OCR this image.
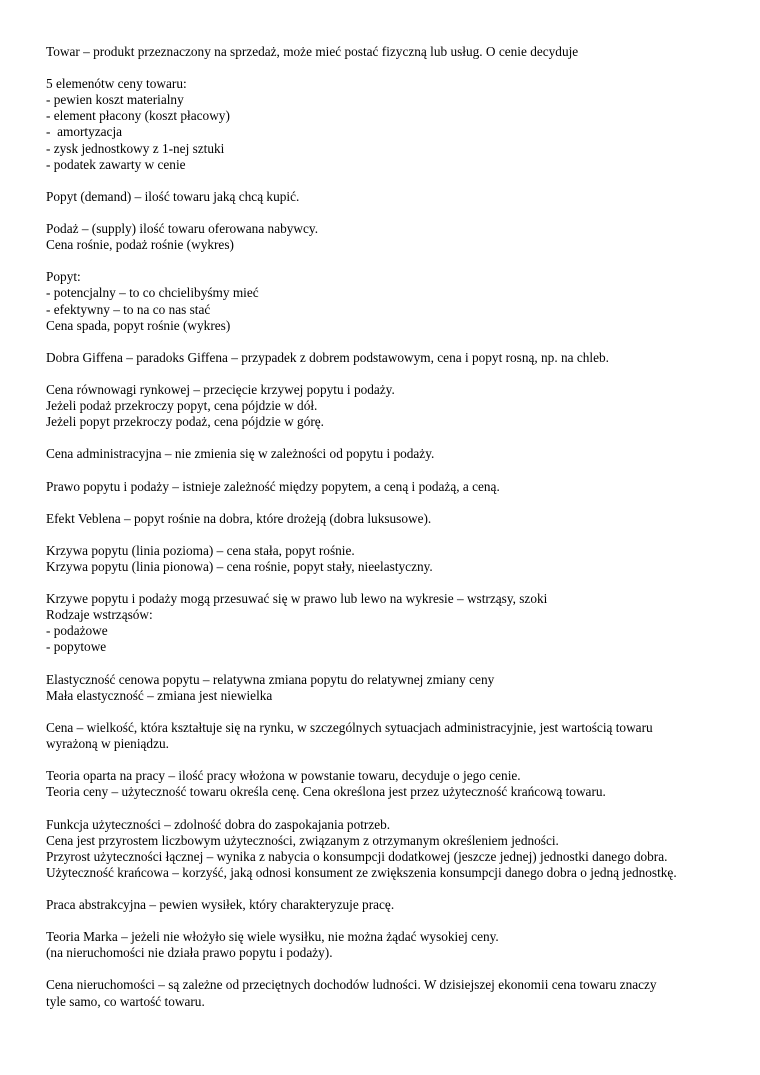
Towar – produkt przeznaczony na sprzedaż, może mieć postać fizyczną lub usług. O cenie decyduje
5 elemenótw ceny towaru:
- pewien koszt materialny
- element płacony (koszt płacowy)
-  amortyzacja
- zysk jednostkowy z 1-nej sztuki
- podatek zawarty w cenie
Popyt (demand) – ilość towaru jaką chcą kupić.
Podaż – (supply) ilość towaru oferowana nabywcy.
Cena rośnie, podaż rośnie (wykres)
Popyt:
- potencjalny – to co chcielibyśmy mieć
- efektywny – to na co nas stać
Cena spada, popyt rośnie (wykres)
Dobra Giffena – paradoks Giffena – przypadek z dobrem podstawowym, cena i popyt rosną, np. na chleb.
Cena równowagi rynkowej – przecięcie krzywej popytu i podaży.
Jeżeli podaż przekroczy popyt, cena pójdzie w dół.
Jeżeli popyt przekroczy podaż, cena pójdzie w górę.
Cena administracyjna – nie zmienia się w zależności od popytu i podaży.
Prawo popytu i podaży – istnieje zależność między popytem, a ceną i podażą, a ceną.
Efekt Veblena – popyt rośnie na dobra, które drożeją (dobra luksusowe).
Krzywa popytu (linia pozioma) – cena stała, popyt rośnie.
Krzywa popytu (linia pionowa) – cena rośnie, popyt stały, nieelastyczny.
Krzywe popytu i podaży mogą przesuwać się w prawo lub lewo na wykresie – wstrząsy, szoki
Rodzaje wstrząsów:
- podażowe
- popytowe
Elastyczność cenowa popytu – relatywna zmiana popytu do relatywnej zmiany ceny
Mała elastyczność – zmiana jest niewielka
Cena – wielkość, która kształtuje się na rynku, w szczególnych sytuacjach administracyjnie, jest wartością towaru
wyrażoną w pieniądzu.
Teoria oparta na pracy – ilość pracy włożona w powstanie towaru, decyduje o jego cenie.
Teoria ceny – użyteczność towaru określa cenę. Cena określona jest przez użyteczność krańcową towaru.
Funkcja użyteczności – zdolność dobra do zaspokajania potrzeb.
Cena jest przyrostem liczbowym użyteczności, związanym z otrzymanym określeniem jedności.
Przyrost użyteczności łącznej – wynika z nabycia o konsumpcji dodatkowej (jeszcze jednej) jednostki danego dobra.
Użyteczność krańcowa – korzyść, jaką odnosi konsument ze zwiększenia konsumpcji danego dobra o jedną jednostkę.
Praca abstrakcyjna – pewien wysiłek, który charakteryzuje pracę.
Teoria Marka – jeżeli nie włożyło się wiele wysiłku, nie można żądać wysokiej ceny.
(na nieruchomości nie działa prawo popytu i podaży).
Cena nieruchomości – są zależne od przeciętnych dochodów ludności. W dzisiejszej ekonomii cena towaru znaczy
tyle samo, co wartość towaru.
